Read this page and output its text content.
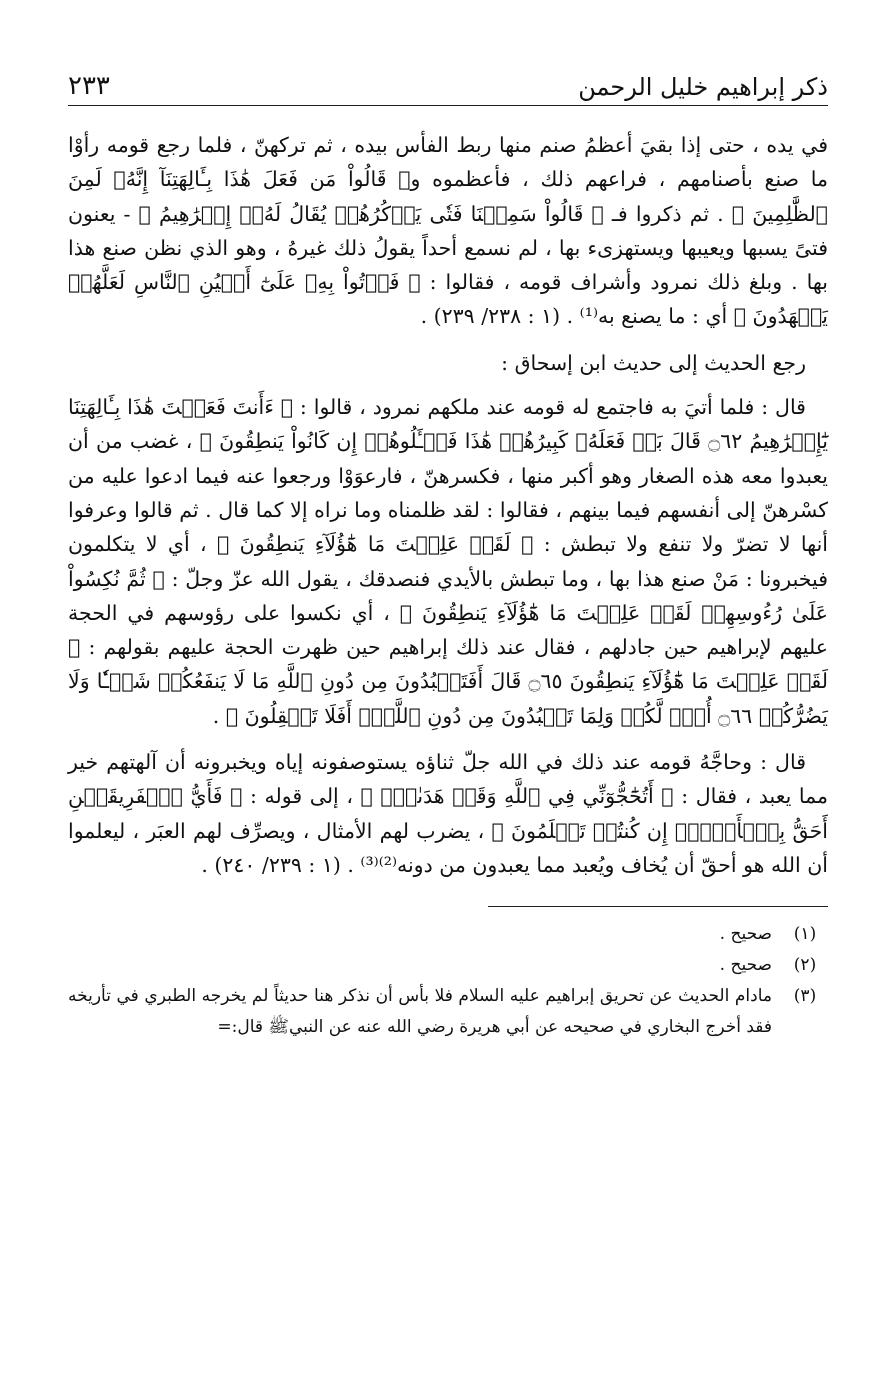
ذكر إبراهيم خليل الرحمن
٢٣٣

في يده ، حتى إذا بقيَ أعظمُ صنم منها ربط الفأس بيده ، ثم تركهنّ ، فلما رجع قومه رأوْا ما صنع بأصنامهم ، فراعهم ذلك ، فأعظموه و﴿ قَالُواْ مَن فَعَلَ هَٰذَا بِـَٔالِهَتِنَآ إِنَّهُۥ لَمِنَ ٱلظَّٰلِمِينَ ﴾ . ثم ذكروا فـ ﴿ قَالُواْ سَمِعۡنَا فَتٗى يَذۡكُرُهُمۡ يُقَالُ لَهُۥٓ إِبۡرَٰهِيمُ ﴾ - يعنون فتىً يسبها ويعيبها ويستهزىء بها ، لم نسمع أحداً يقولُ ذلك غيرهُ ، وهو الذي نظن صنع هذا بها . وبلغ ذلك نمرود وأشراف قومه ، فقالوا : ﴿ فَأۡتُواْ بِهِۦ عَلَىٰٓ أَعۡيُنِ ٱلنَّاسِ لَعَلَّهُمۡ يَشۡهَدُونَ ﴾ أي : ما يصنع به⁽¹⁾ . (١ : ٢٣٨/ ٢٣٩) .

رجع الحديث إلى حديث ابن إسحاق :

قال : فلما أتيَ به فاجتمع له قومه عند ملكهم نمرود ، قالوا : ﴿ ءَأَنتَ فَعَلۡتَ هَٰذَا بِـَٔالِهَتِنَا يَٰٓإِبۡرَٰهِيمُ ۝٦٢ قَالَ بَلۡ فَعَلَهُۥ كَبِيرُهُمۡ هَٰذَا فَسۡـَٔلُوهُمۡ إِن كَانُواْ يَنطِقُونَ ﴾ ، غضب من أن يعبدوا معه هذه الصغار وهو أكبر منها ، فكسرهنّ ، فارعوَوْا ورجعوا عنه فيما ادعوا عليه من كسْرهنّ إلى أنفسهم فيما بينهم ، فقالوا : لقد ظلمناه وما نراه إلا كما قال . ثم قالوا وعرفوا أنها لا تضرّ ولا تنفع ولا تبطش : ﴿ لَقَدۡ عَلِمۡتَ مَا هَٰٓؤُلَآءِ يَنطِقُونَ ﴾ ، أي لا يتكلمون فيخبرونا : مَنْ صنع هذا بها ، وما تبطش بالأيدي فنصدقك ، يقول الله عزّ وجلّ : ﴿ ثُمَّ نُكِسُواْ عَلَىٰ رُءُوسِهِمۡ لَقَدۡ عَلِمۡتَ مَا هَٰٓؤُلَآءِ يَنطِقُونَ ﴾ ، أي نكسوا على رؤوسهم في الحجة عليهم لإبراهيم حين جادلهم ، فقال عند ذلك إبراهيم حين ظهرت الحجة عليهم بقولهم : ﴿ لَقَدۡ عَلِمۡتَ مَا هَٰٓؤُلَآءِ يَنطِقُونَ ۝٦٥ قَالَ أَفَتَعۡبُدُونَ مِن دُونِ ٱللَّهِ مَا لَا يَنفَعُكُمۡ شَيۡـٔٗا وَلَا يَضُرُّكُمۡ ۝٦٦ أُفّٖ لَّكُمۡ وَلِمَا تَعۡبُدُونَ مِن دُونِ ٱللَّهِۚ أَفَلَا تَعۡقِلُونَ ﴾ .

قال : وحاجَّهُ قومه عند ذلك في الله جلّ ثناؤه يستوصفونه إياه ويخبرونه أن آلهتهم خير مما يعبد ، فقال : ﴿ أَتُحَٰٓجُّوٓنِّي فِي ٱللَّهِ وَقَدۡ هَدَىٰنِۚ ﴾ ، إلى قوله : ﴿ فَأَيُّ ٱلۡفَرِيقَيۡنِ أَحَقُّ بِٱلۡأَمۡنِۖ إِن كُنتُمۡ تَعۡلَمُونَ ﴾ ، يضرب لهم الأمثال ، ويصرِّف لهم العبَر ، ليعلموا أن الله هو أحقّ أن يُخاف ويُعبد مما يعبدون من دونه⁽²⁾⁽³⁾ . (١ : ٢٣٩/ ٢٤٠) .

(١)
صحيح .
(٢)
صحيح .
(٣)
مادام الحديث عن تحريق إبراهيم عليه السلام فلا بأس أن نذكر هنا حديثاً لم يخرجه الطبري في تأريخه فقد أخرج البخاري في صحيحه عن أبي هريرة رضي الله عنه عن النبيﷺ قال:=
